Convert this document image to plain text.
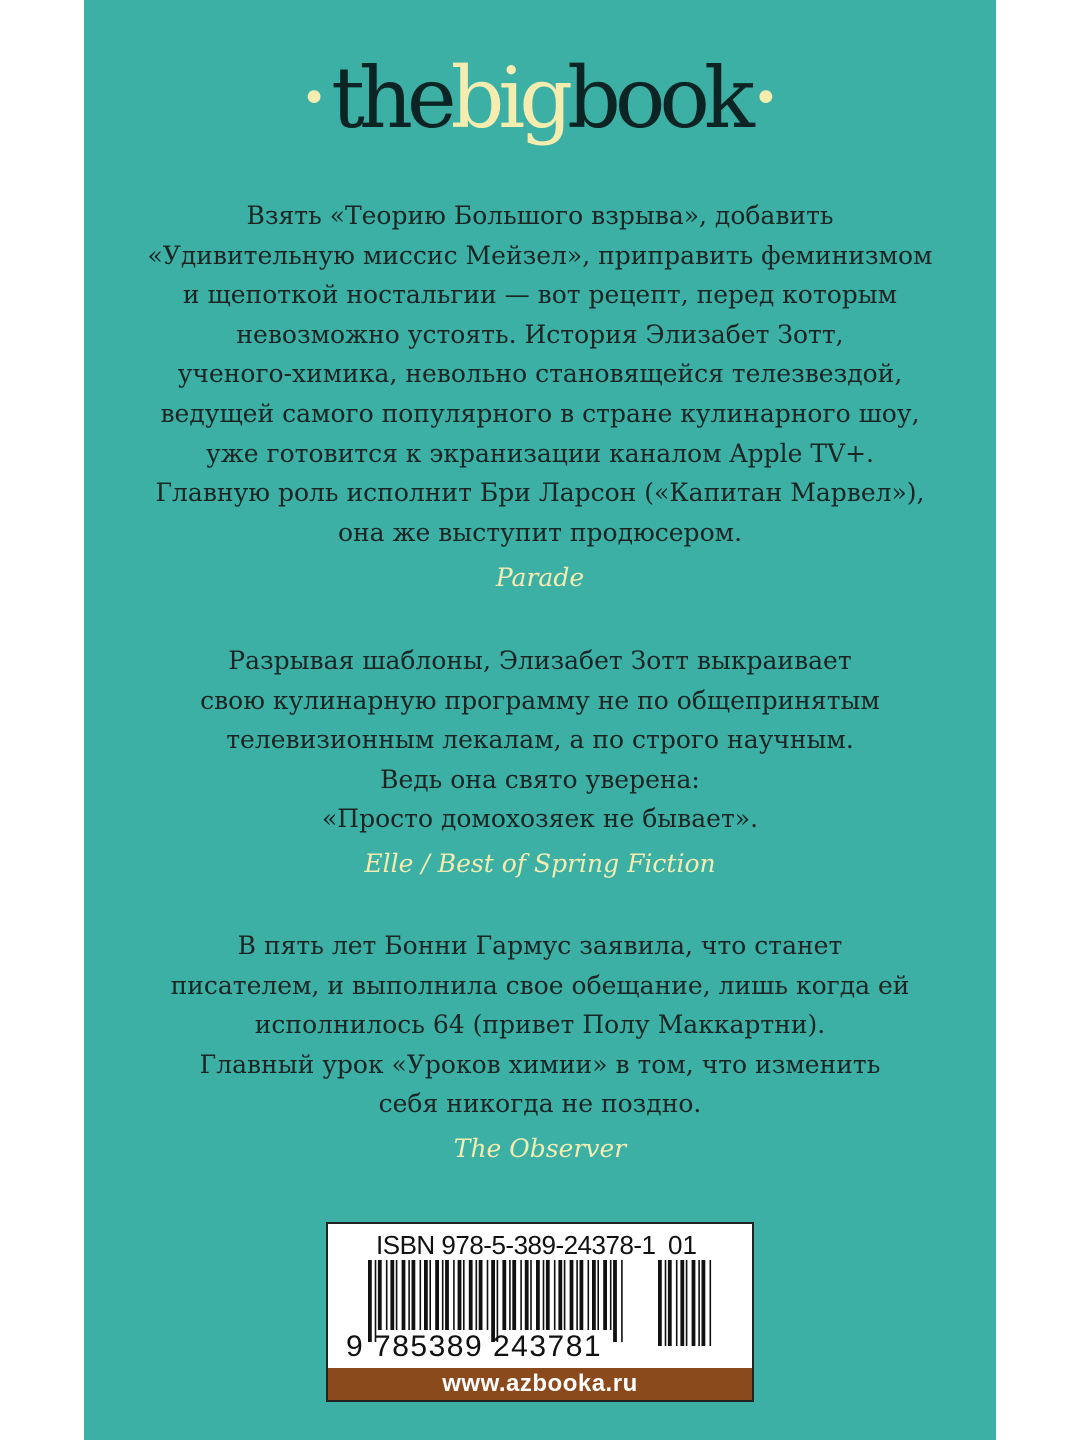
•thebigbook•
Взять «Теорию Большого взрыва», добавить
«Удивительную миссис Мейзел», приправить феминизмом
и щепоткой ностальгии — вот рецепт, перед которым
невозможно устоять. История Элизабет Зотт,
ученого-химика, невольно становящейся телезвездой,
ведущей самого популярного в стране кулинарного шоу,
уже готовится к экранизации каналом Apple TV+.
Главную роль исполнит Бри Ларсон («Капитан Марвел»),
она же выступит продюсером.
Parade
Разрывая шаблоны, Элизабет Зотт выкраивает
свою кулинарную программу не по общепринятым
телевизионным лекалам, а по строго научным.
Ведь она свято уверена:
«Просто домохозяек не бывает».
Elle / Best of Spring Fiction
В пять лет Бонни Гармус заявила, что станет
писателем, и выполнила свое обещание, лишь когда ей
исполнилось 64 (привет Полу Маккартни).
Главный урок «Уроков химии» в том, что изменить
себя никогда не поздно.
The Observer
ISBN 978-5-389-24378-1 01
9 785389 243781
www.azbooka.ru
